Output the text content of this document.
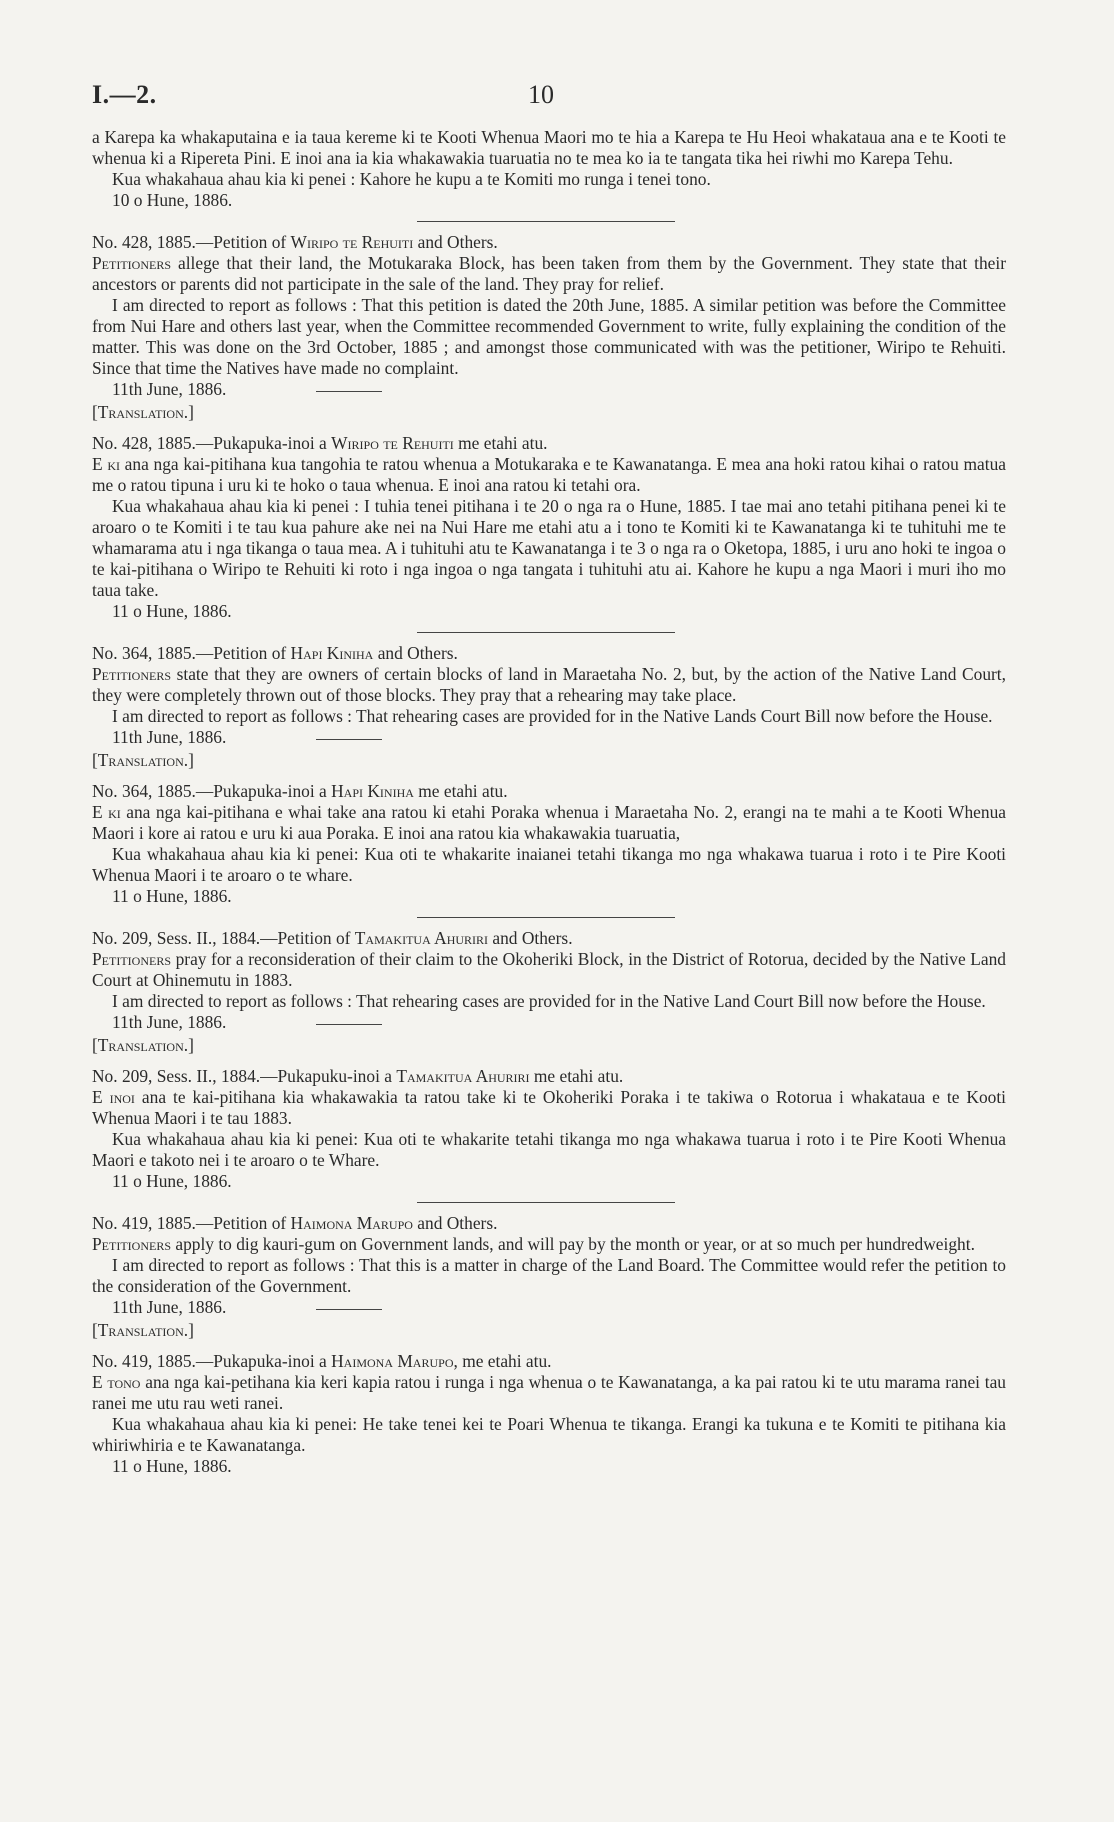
I.—2.	10

a Karepa ka whakaputaina e ia taua kereme ki te Kooti Whenua Maori mo te hia a Karepa te Hu Heoi whakataua ana e te Kooti te whenua ki a Ripereta Pini. E inoi ana ia kia whakawakia tuaruatia no te mea ko ia te tangata tika hei riwhi mo Karepa Tehu.

Kua whakahaua ahau kia ki penei : Kahore he kupu a te Komiti mo runga i tenei tono.

10 o Hune, 1886.

No. 428, 1885.—Petition of Wiripo te Rehuiti and Others.

Petitioners allege that their land, the Motukaraka Block, has been taken from them by the Government. They state that their ancestors or parents did not participate in the sale of the land. They pray for relief.

I am directed to report as follows : That this petition is dated the 20th June, 1885. A similar petition was before the Committee from Nui Hare and others last year, when the Committee recommended Government to write, fully explaining the condition of the matter. This was done on the 3rd October, 1885 ; and amongst those communicated with was the petitioner, Wiripo te Rehuiti. Since that time the Natives have made no complaint.

11th June, 1886.

[Translation.]

No. 428, 1885.—Pukapuka-inoi a Wiripo te Rehuiti me etahi atu.

E ki ana nga kai-pitihana kua tangohia te ratou whenua a Motukaraka e te Kawanatanga. E mea ana hoki ratou kihai o ratou matua me o ratou tipuna i uru ki te hoko o taua whenua. E inoi ana ratou ki tetahi ora.

Kua whakahaua ahau kia ki penei : I tuhia tenei pitihana i te 20 o nga ra o Hune, 1885. I tae mai ano tetahi pitihana penei ki te aroaro o te Komiti i te tau kua pahure ake nei na Nui Hare me etahi atu a i tono te Komiti ki te Kawanatanga ki te tuhituhi me te whamarama atu i nga tikanga o taua mea. A i tuhituhi atu te Kawanatanga i te 3 o nga ra o Oketopa, 1885, i uru ano hoki te ingoa o te kai-pitihana o Wiripo te Rehuiti ki roto i nga ingoa o nga tangata i tuhituhi atu ai. Kahore he kupu a nga Maori i muri iho mo taua take.

11 o Hune, 1886.

No. 364, 1885.—Petition of Hapi Kiniha and Others.

Petitioners state that they are owners of certain blocks of land in Maraetaha No. 2, but, by the action of the Native Land Court, they were completely thrown out of those blocks. They pray that a rehearing may take place.

I am directed to report as follows : That rehearing cases are provided for in the Native Lands Court Bill now before the House.

11th June, 1886.

[Translation.]

No. 364, 1885.—Pukapuka-inoi a Hapi Kiniha me etahi atu.

E ki ana nga kai-pitihana e whai take ana ratou ki etahi Poraka whenua i Maraetaha No. 2, erangi na te mahi a te Kooti Whenua Maori i kore ai ratou e uru ki aua Poraka. E inoi ana ratou kia whakawakia tuaruatia,

Kua whakahaua ahau kia ki penei: Kua oti te whakarite inaianei tetahi tikanga mo nga whakawa tuarua i roto i te Pire Kooti Whenua Maori i te aroaro o te whare.

11 o Hune, 1886.

No. 209, Sess. II., 1884.—Petition of Tamakitua Ahuriri and Others.

Petitioners pray for a reconsideration of their claim to the Okoheriki Block, in the District of Rotorua, decided by the Native Land Court at Ohinemutu in 1883.

I am directed to report as follows : That rehearing cases are provided for in the Native Land Court Bill now before the House.

11th June, 1886.

[Translation.]

No. 209, Sess. II., 1884.—Pukapuku-inoi a Tamakitua Ahuriri me etahi atu.

E inoi ana te kai-pitihana kia whakawakia ta ratou take ki te Okoheriki Poraka i te takiwa o Rotorua i whakataua e te Kooti Whenua Maori i te tau 1883.

Kua whakahaua ahau kia ki penei: Kua oti te whakarite tetahi tikanga mo nga whakawa tuarua i roto i te Pire Kooti Whenua Maori e takoto nei i te aroaro o te Whare.

11 o Hune, 1886.

No. 419, 1885.—Petition of Haimona Marupo and Others.

Petitioners apply to dig kauri-gum on Government lands, and will pay by the month or year, or at so much per hundredweight.

I am directed to report as follows : That this is a matter in charge of the Land Board. The Committee would refer the petition to the consideration of the Government.

11th June, 1886.

[Translation.]

No. 419, 1885.—Pukapuka-inoi a Haimona Marupo, me etahi atu.

E tono ana nga kai-petihana kia keri kapia ratou i runga i nga whenua o te Kawanatanga, a ka pai ratou ki te utu marama ranei tau ranei me utu rau weti ranei.

Kua whakahaua ahau kia ki penei: He take tenei kei te Poari Whenua te tikanga. Erangi ka tukuna e te Komiti te pitihana kia whiriwhiria e te Kawanatanga.

11 o Hune, 1886.
